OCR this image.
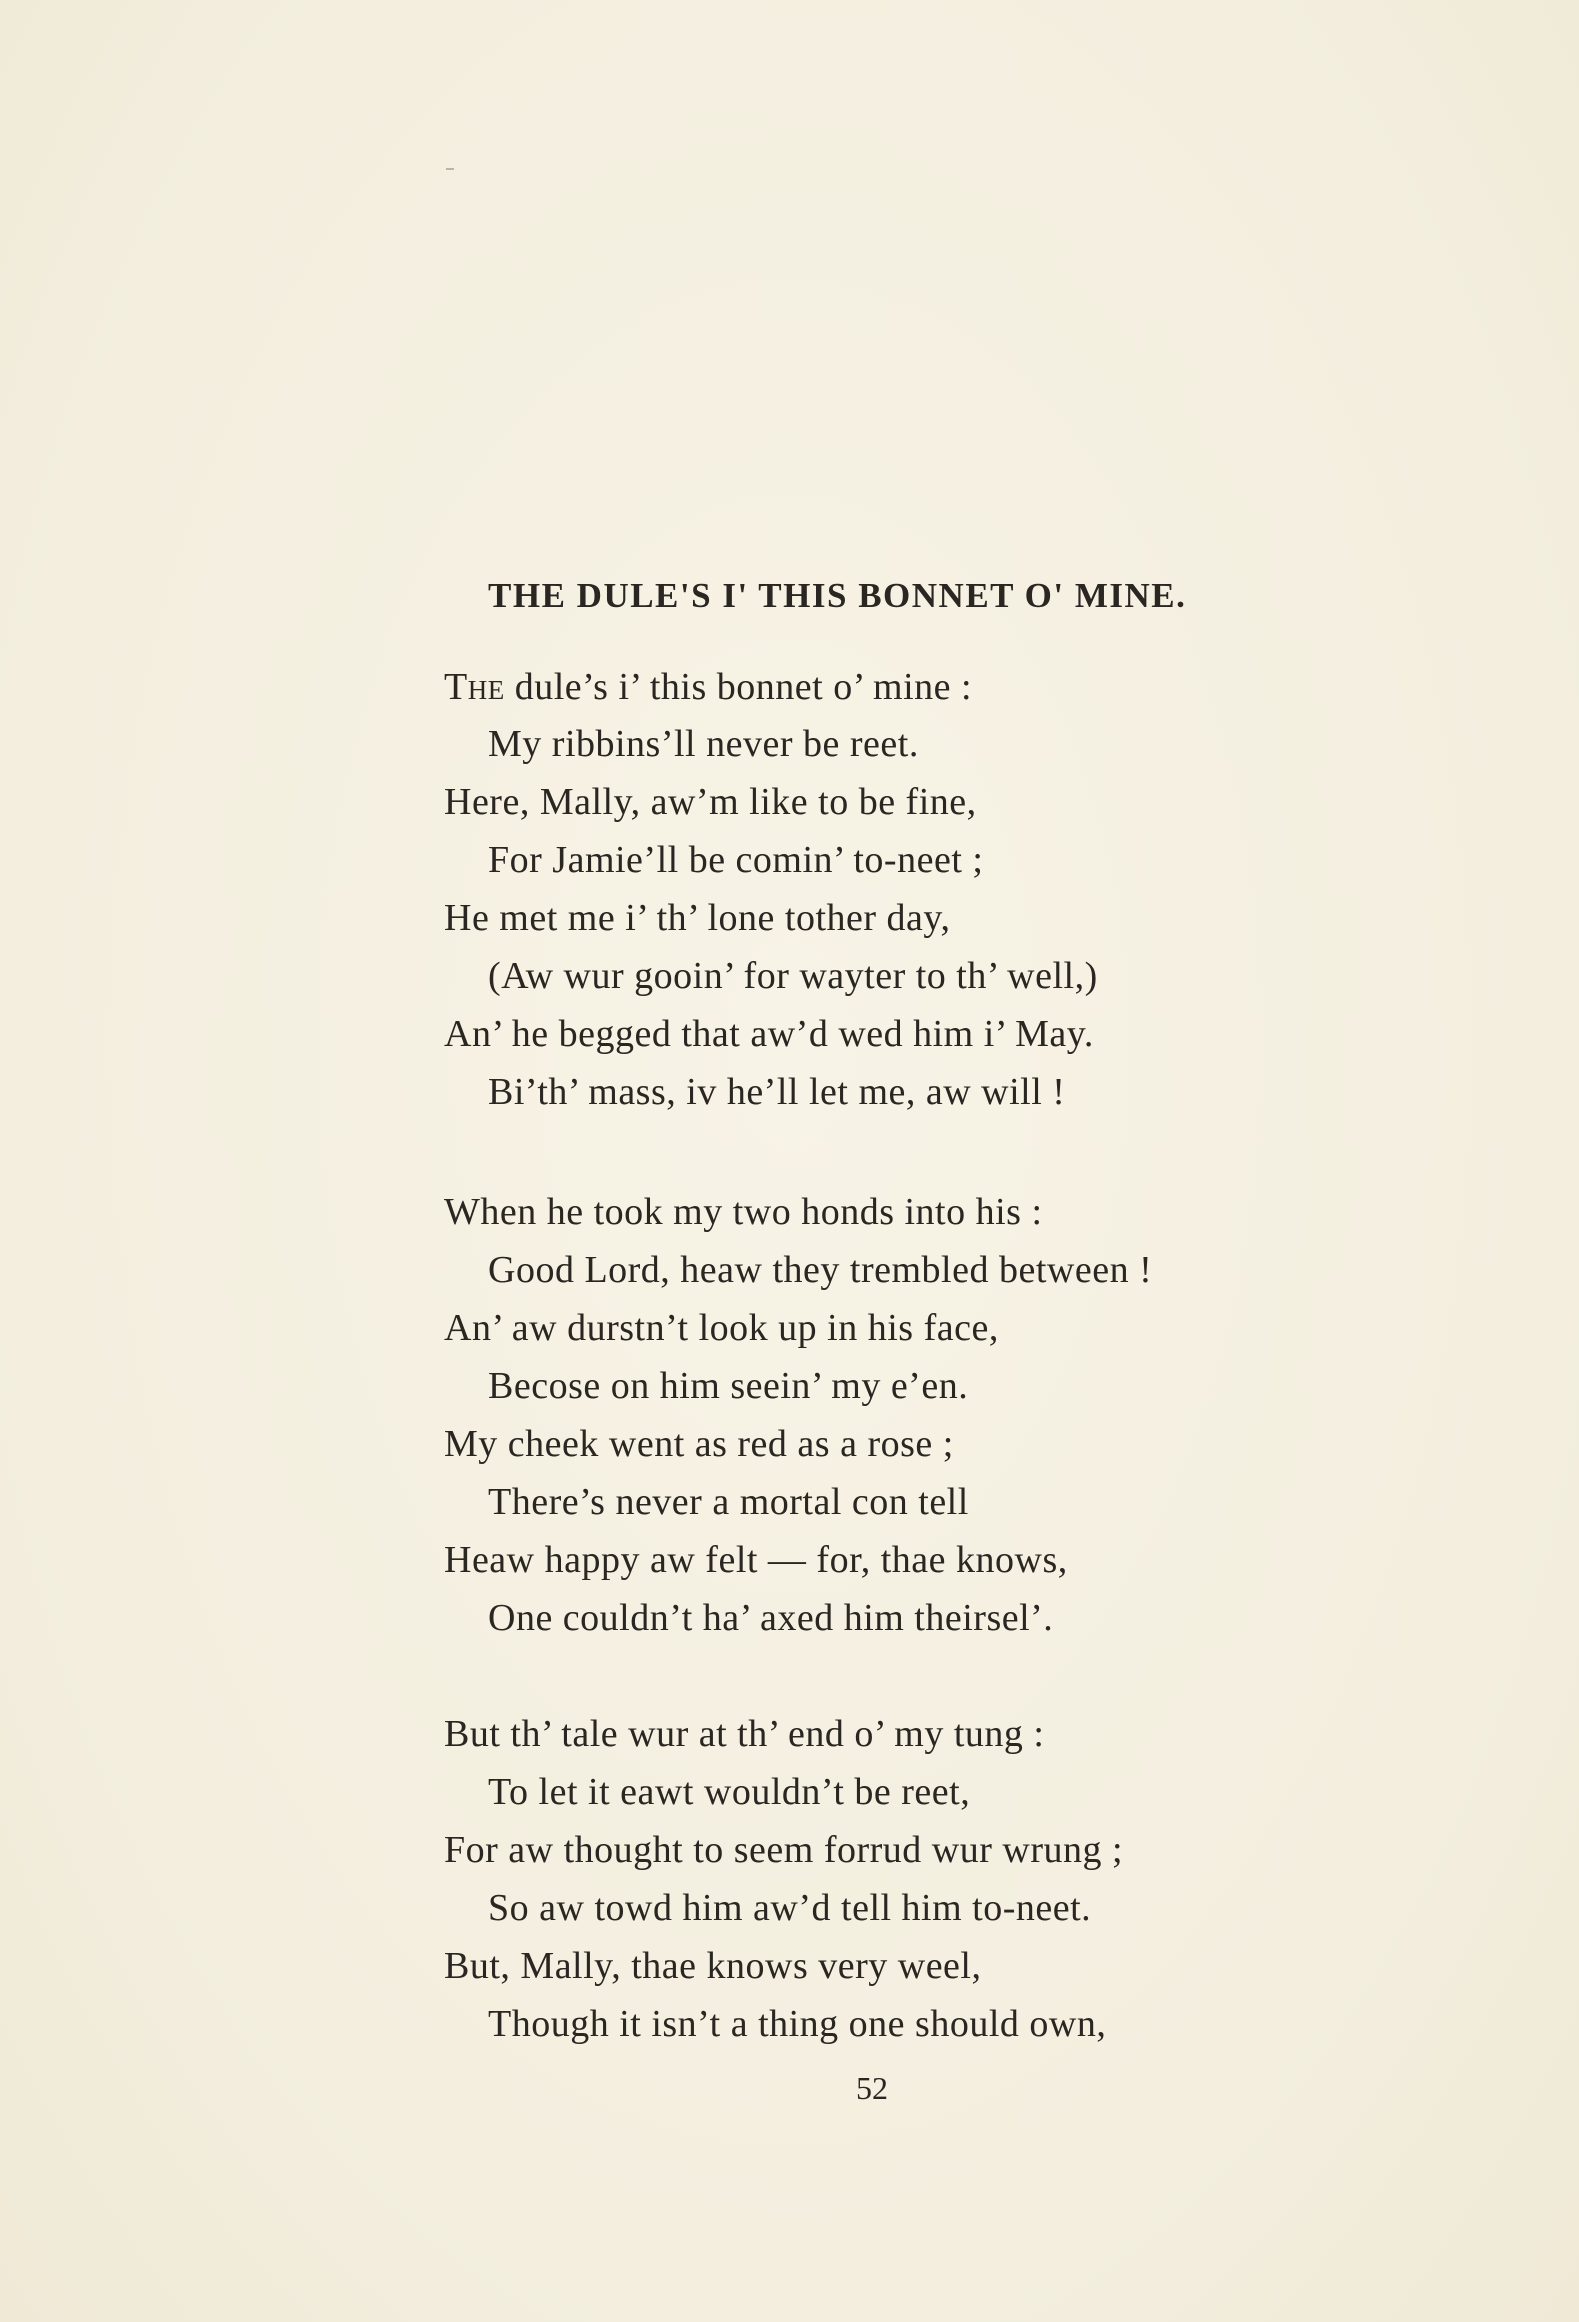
THE DULE'S I' THIS BONNET O' MINE.
The dule’s i’ this bonnet o’ mine :
My ribbins’ll never be reet.
Here, Mally, aw’m like to be fine,
For Jamie’ll be comin’ to-neet ;
He met me i’ th’ lone tother day,
(Aw wur gooin’ for wayter to th’ well,)
An’ he begged that aw’d wed him i’ May.
Bi’th’ mass, iv he’ll let me, aw will !
When he took my two honds into his :
Good Lord, heaw they trembled between !
An’ aw durstn’t look up in his face,
Becose on him seein’ my e’en.
My cheek went as red as a rose ;
There’s never a mortal con tell
Heaw happy aw felt — for, thae knows,
One couldn’t ha’ axed him theirsel’.
But th’ tale wur at th’ end o’ my tung :
To let it eawt wouldn’t be reet,
For aw thought to seem forrud wur wrung ;
So aw towd him aw’d tell him to-neet.
But, Mally, thae knows very weel,
Though it isn’t a thing one should own,
52
